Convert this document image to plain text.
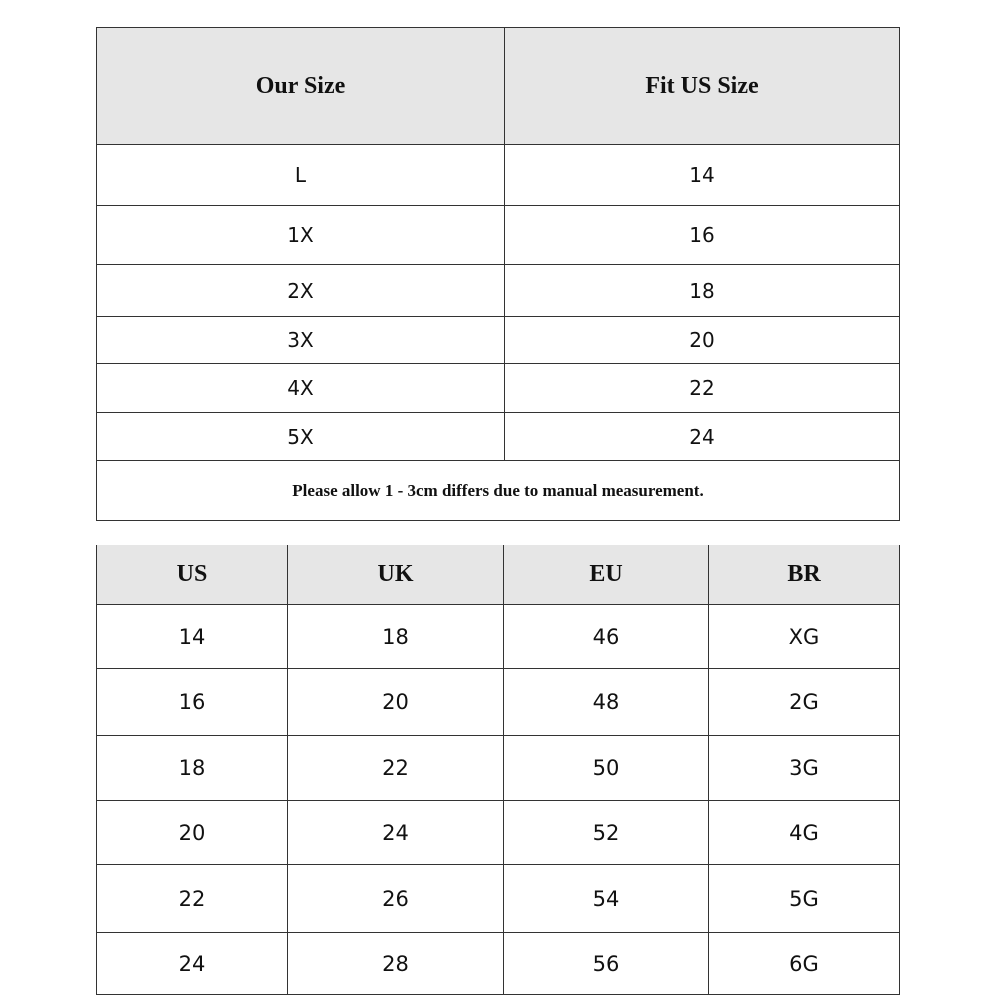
Our Size	Fit US Size
L	14
1X	16
2X	18
3X	20
4X	22
5X	24
Please allow 1 - 3cm differs due to manual measurement.	
US	UK	EU	BR
14	18	46	XG
16	20	48	2G
18	22	50	3G
20	24	52	4G
22	26	54	5G
24	28	56	6G
